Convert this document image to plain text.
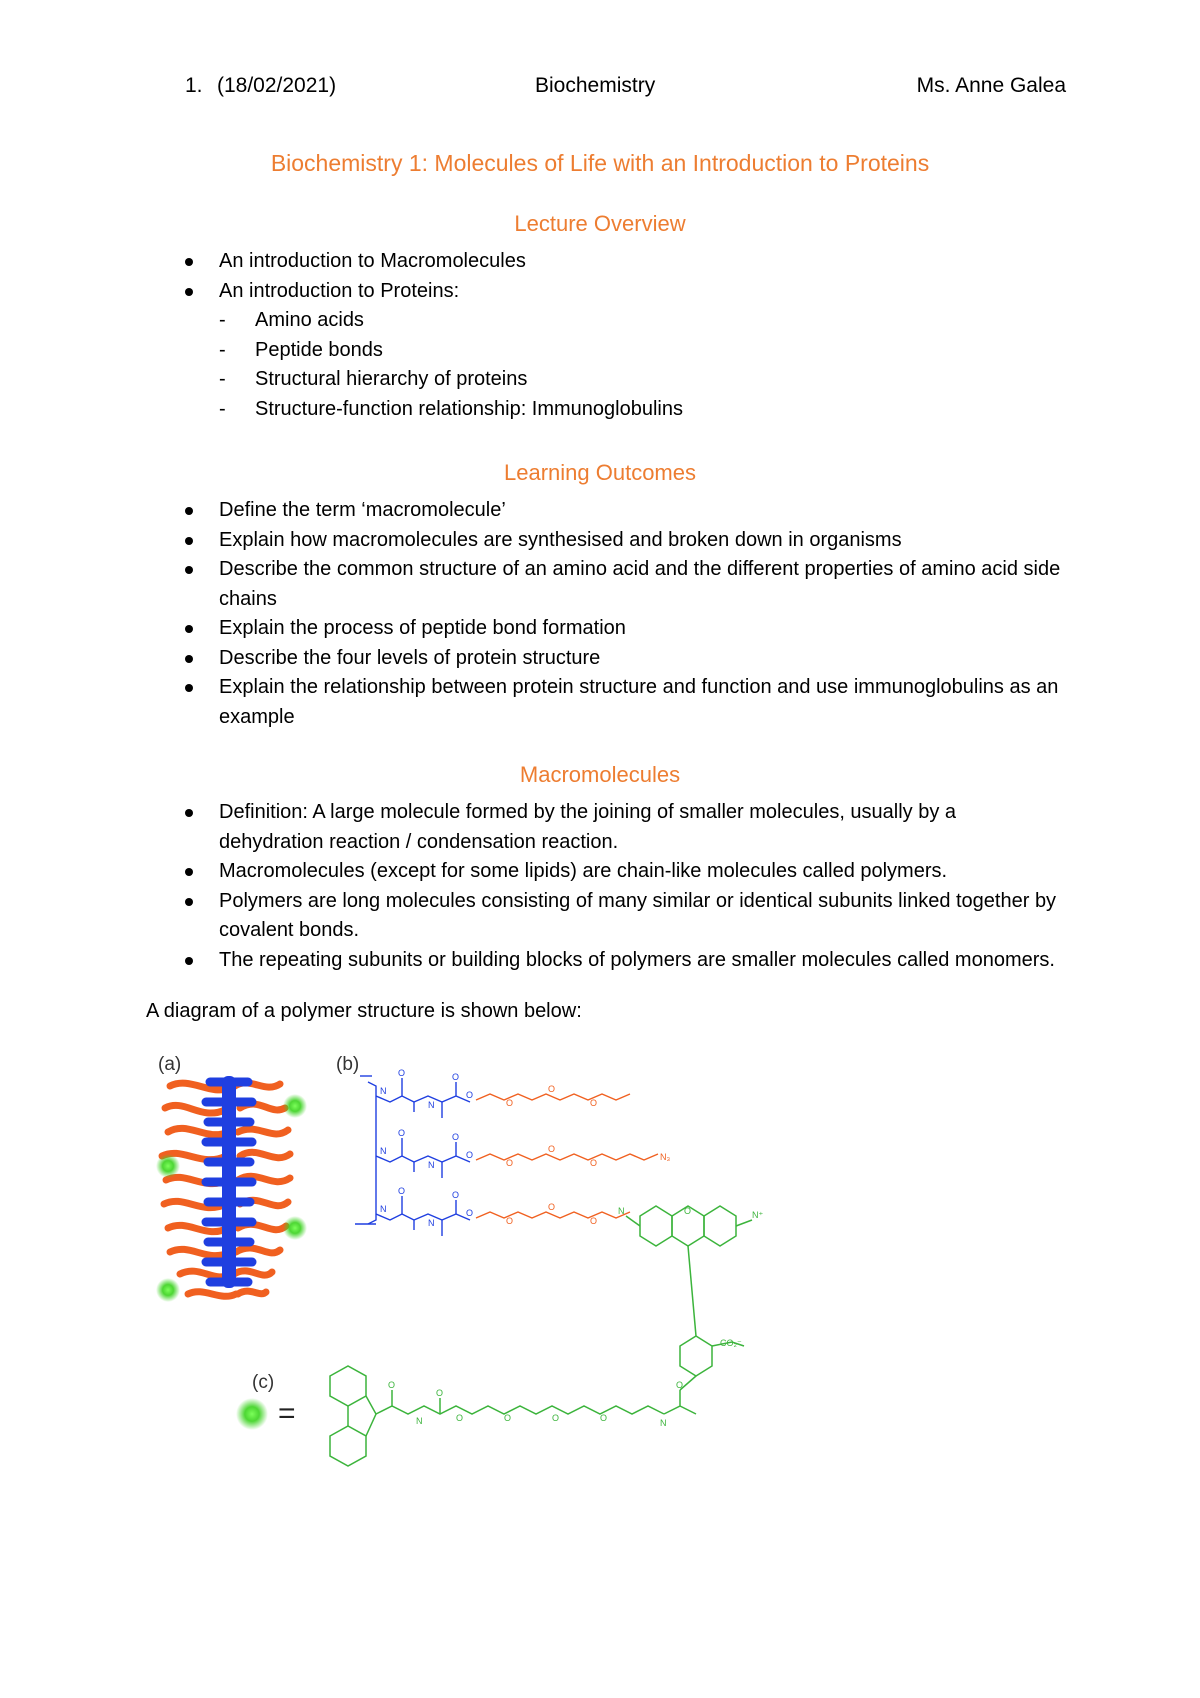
1. (18/02/2021)	Biochemistry	Ms. Anne Galea
Biochemistry 1: Molecules of Life with an Introduction to Proteins
Lecture Overview
An introduction to Macromolecules
An introduction to Proteins:
- Amino acids
- Peptide bonds
- Structural hierarchy of proteins
- Structure-function relationship: Immunoglobulins
Learning Outcomes
Define the term ‘macromolecule’
Explain how macromolecules are synthesised and broken down in organisms
Describe the common structure of an amino acid and the different properties of amino acid side chains
Explain the process of peptide bond formation
Describe the four levels of protein structure
Explain the relationship between protein structure and function and use immunoglobulins as an example
Macromolecules
Definition: A large molecule formed by the joining of smaller molecules, usually by a dehydration reaction / condensation reaction.
Macromolecules (except for some lipids) are chain-like molecules called polymers.
Polymers are long molecules consisting of many similar or identical subunits linked together by covalent bonds.
The repeating subunits or building blocks of polymers are smaller molecules called monomers.
A diagram of a polymer structure is shown below:
(a)	(b)
(c)
N
O
N
O
O
N
O
N
O
O
N
O
N
O
O
O
O
O
O
O
O
N₃
O
O
O
=
O
O
N	O	O	O	O
O
N
O
N	N⁺
CO₂⁻
